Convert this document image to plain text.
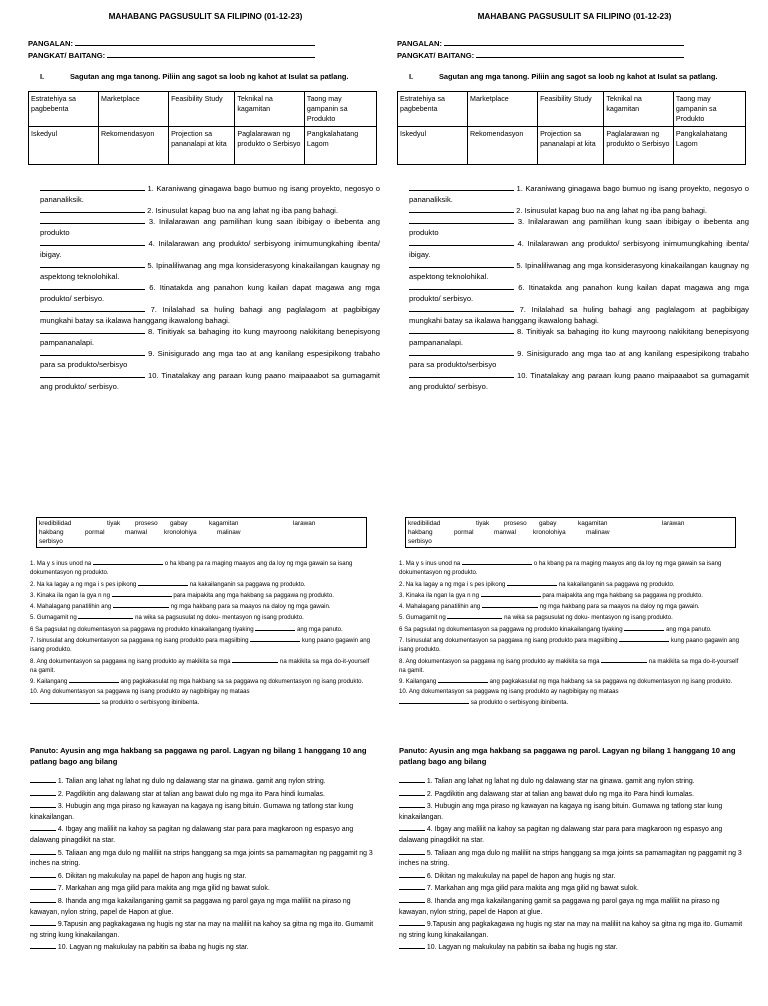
MAHABANG PAGSUSULIT SA FILIPINO (01-12-23)
PANGALAN:
PANGKAT/ BAITANG:
I.	Sagutan ang mga tanong. Piliin ang sagot sa loob ng kahot at Isulat sa patlang.
Estratehiya sa pagbebenta	Marketplace	Feasibility Study	Teknikal na kagamitan	Taong may gampanin sa Produkto
Iskedyul	Rekomendasyon	Projection sa pananalapi at kita	Paglalarawan ng produkto o Serbisyo	Pangkalahatang Lagom

1. Karaniwang ginagawa bago bumuo ng isang proyekto, negosyo o pananaliksik.

2. Isinusulat kapag buo na ang lahat ng iba pang bahagi.

3. Inilalarawan ang pamilihan kung saan ibibigay o ibebenta ang produkto

4. Inilalarawan ang produkto/ serbisyong inimumungkahing ibenta/ ibigay.

5. Ipinaliliwanag ang mga konsiderasyong kinakailangan kaugnay ng aspektong teknolohikal.

6. Itinatakda ang panahon kung kailan dapat magawa ang mga produkto/ serbisyo.

7. Inilalahad sa huling bahagi ang paglalagom at pagbibigay mungkahi batay sa ikalawa hanggang ikawalong bahagi.

8. Tinitiyak sa bahaging ito kung mayroong nakikitang benepisyong pampananalapi.

9. Sinisigurado ang mga tao at ang kanilang espesipikong trabaho para sa produkto/serbisyo

10. Tinatalakay ang paraan kung paano maipaaabot sa gumagamit ang produkto/ serbisyo.

kredibilidad	tiyak proseso gabay	kagamitan	larawan
hakbang	pormal	manwal	kronolohiya	malinaw
serbisyo

1. Ma y s inus unod na	o ha kbang pa ra maging maayos ang da loy ng mga gawain sa isang dokumentasyon ng produkto.

2. Na ka lagay a ng mga i s pes ipikong	na kakailanganin sa paggawa ng produkto.

3. Kinaka ila ngan la gya n ng	para maipakita ang mga hakbang sa paggawa ng produkto.

4. Mahalagang panatilihin ang	ng mga hakbang para sa maayos na daloy ng mga gawain.

5. Gumagamit ng	na wika sa pagsusulat ng doku- mentasyon ng isang produkto.

6 Sa pagsulat ng dokumentasyon sa paggawa ng produkto kinakailangang tiyaking	ang mga panuto.

7. Isinusulat ang dokumentasyon sa paggawa ng isang produkto para magsilbing	kung paano gagawin ang isang produkto.

8. Ang dokumentasyon sa paggawa ng isang produkto ay makikita sa mga	na makikita sa mga do-it-yourself na gamit.

9. Kailangang	ang pagkakasulat ng mga hakbang sa sa paggawa ng dokumentasyon ng isang produkto.

10. Ang dokumentasyon sa paggawa ng isang produkto ay nagbibigay ng mataas
sa produkto o serbisyong ibinibenta.

Panuto: Ayusin ang mga hakbang sa paggawa ng parol. Lagyan ng bilang 1 hanggang 10 ang patlang bago ang bilang

1. Talian ang lahat ng lahat ng dulo ng dalawang star na ginawa. gamit ang nylon string.

2. Pagdikitin ang dalawang star at talian ang bawat dulo ng mga ito Para hindi kumalas.

3. Hubugin ang mga piraso ng kawayan na kagaya ng isang bituin. Gumawa ng tatlong star kung kinakailangan.

4. Ibgay ang maliliit na kahoy sa pagitan ng dalawang star para para magkaroon ng espasyo ang dalawang pinagdikit na star.

5. Taliaan ang mga dulo ng maliliit na strips hanggang sa mga joints sa pamamagitan ng paggamit ng 3 inches na string.

6. Dikitan ng makukulay na papel de hapon ang hugis ng star.

7. Markahan ang mga gilid para makita ang mga gilid ng bawat sulok.

8. Ihanda ang mga kakailanganing gamit sa paggawa ng parol gaya ng mga maliliit na piraso ng kawayan, nylon string, papel de Hapon at glue.

9.Tapusin ang pagkakagawa ng hugis ng star na may na maliliit na kahoy sa gitna ng mga ito. Gumamit ng string kung kinakailangan.

10. Lagyan ng makukulay na pabitin sa ibaba ng hugis ng star.

MAHABANG PAGSUSULIT SA FILIPINO (01-12-23)
PANGALAN:
PANGKAT/ BAITANG:
I.	Sagutan ang mga tanong. Piliin ang sagot sa loob ng kahot at Isulat sa patlang.
Estratehiya sa pagbebenta	Marketplace	Feasibility Study	Teknikal na kagamitan	Taong may gampanin sa Produkto
Iskedyul	Rekomendasyon	Projection sa pananalapi at kita	Paglalarawan ng produkto o Serbisyo	Pangkalahatang Lagom

1. Karaniwang ginagawa bago bumuo ng isang proyekto, negosyo o pananaliksik.

2. Isinusulat kapag buo na ang lahat ng iba pang bahagi.

3. Inilalarawan ang pamilihan kung saan ibibigay o ibebenta ang produkto

4. Inilalarawan ang produkto/ serbisyong inimumungkahing ibenta/ ibigay.

5. Ipinaliliwanag ang mga konsiderasyong kinakailangan kaugnay ng aspektong teknolohikal.

6. Itinatakda ang panahon kung kailan dapat magawa ang mga produkto/ serbisyo.

7. Inilalahad sa huling bahagi ang paglalagom at pagbibigay mungkahi batay sa ikalawa hanggang ikawalong bahagi.

8. Tinitiyak sa bahaging ito kung mayroong nakikitang benepisyong pampananalapi.

9. Sinisigurado ang mga tao at ang kanilang espesipikong trabaho para sa produkto/serbisyo

10. Tinatalakay ang paraan kung paano maipaaabot sa gumagamit ang produkto/ serbisyo.

kredibilidad	tiyak proseso gabay	kagamitan	larawan
hakbang	pormal	manwal	kronolohiya	malinaw
serbisyo

1. Ma y s inus unod na	o ha kbang pa ra maging maayos ang da loy ng mga gawain sa isang dokumentasyon ng produkto.

2. Na ka lagay a ng mga i s pes ipikong	na kakailanganin sa paggawa ng produkto.

3. Kinaka ila ngan la gya n ng	para maipakita ang mga hakbang sa paggawa ng produkto.

4. Mahalagang panatilihin ang	ng mga hakbang para sa maayos na daloy ng mga gawain.

5. Gumagamit ng	na wika sa pagsusulat ng doku- mentasyon ng isang produkto.

6 Sa pagsulat ng dokumentasyon sa paggawa ng produkto kinakailangang tiyaking	ang mga panuto.

7. Isinusulat ang dokumentasyon sa paggawa ng isang produkto para magsilbing	kung paano gagawin ang isang produkto.

8. Ang dokumentasyon sa paggawa ng isang produkto ay makikita sa mga	na makikita sa mga do-it-yourself na gamit.

9. Kailangang	ang pagkakasulat ng mga hakbang sa sa paggawa ng dokumentasyon ng isang produkto.

10. Ang dokumentasyon sa paggawa ng isang produkto ay nagbibigay ng mataas
sa produkto o serbisyong ibinibenta.

Panuto: Ayusin ang mga hakbang sa paggawa ng parol. Lagyan ng bilang 1 hanggang 10 ang patlang bago ang bilang

1. Talian ang lahat ng lahat ng dulo ng dalawang star na ginawa. gamit ang nylon string.

2. Pagdikitin ang dalawang star at talian ang bawat dulo ng mga ito Para hindi kumalas.

3. Hubugin ang mga piraso ng kawayan na kagaya ng isang bituin. Gumawa ng tatlong star kung kinakailangan.

4. Ibgay ang maliliit na kahoy sa pagitan ng dalawang star para para magkaroon ng espasyo ang dalawang pinagdikit na star.

5. Taliaan ang mga dulo ng maliliit na strips hanggang sa mga joints sa pamamagitan ng paggamit ng 3 inches na string.

6. Dikitan ng makukulay na papel de hapon ang hugis ng star.

7. Markahan ang mga gilid para makita ang mga gilid ng bawat sulok.

8. Ihanda ang mga kakailanganing gamit sa paggawa ng parol gaya ng mga maliliit na piraso ng kawayan, nylon string, papel de Hapon at glue.

9.Tapusin ang pagkakagawa ng hugis ng star na may na maliliit na kahoy sa gitna ng mga ito. Gumamit ng string kung kinakailangan.

10. Lagyan ng makukulay na pabitin sa ibaba ng hugis ng star.
